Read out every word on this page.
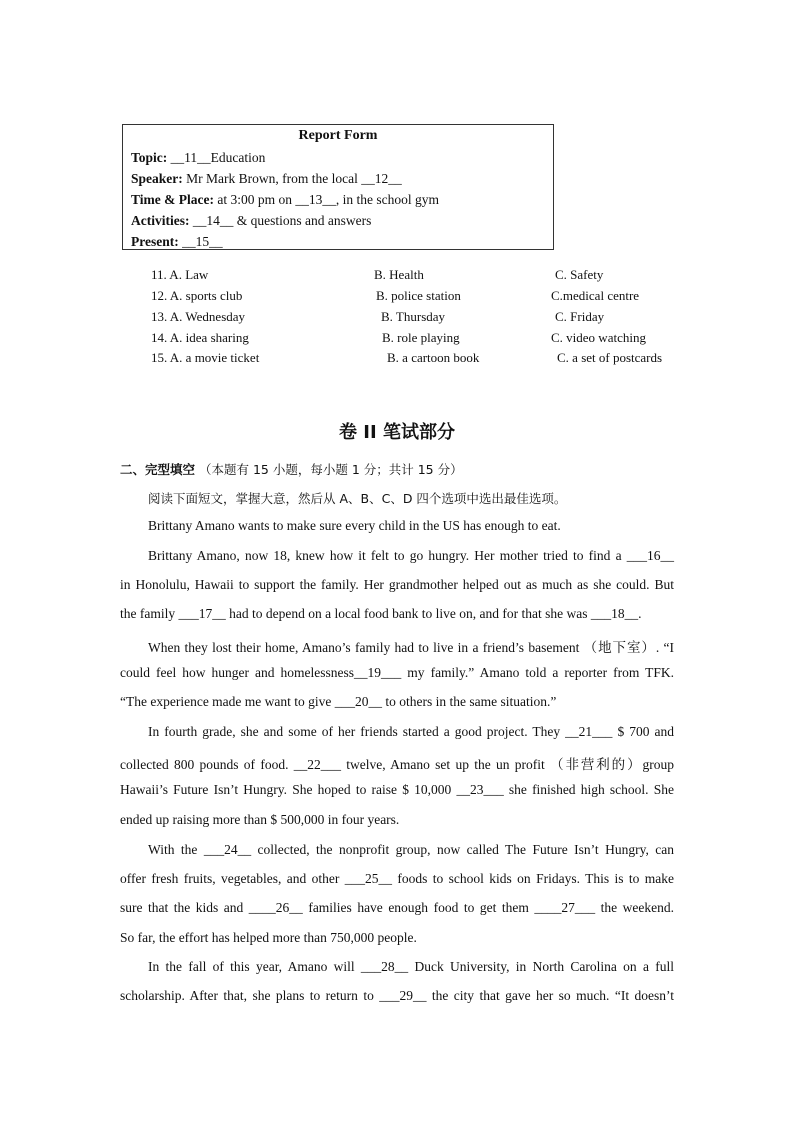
Report Form
Topic: __11__Education
Speaker: Mr Mark Brown, from the local __12__
Time & Place: at 3:00 pm on __13__, in the school gym
Activities: __14__ & questions and answers
Present: __15__
11. A. Law	B. Health	C. Safety
12. A. sports club	B. police station	C.medical centre
13. A. Wednesday	B. Thursday	C. Friday
14. A. idea sharing	B. role playing	C. video watching
15. A. a movie ticket	B. a cartoon book	C. a set of postcards
卷 II 笔试部分
二、完型填空 （本题有 15 小题，每小题 1 分；共计 15 分）
阅读下面短文，掌握大意，然后从 A、B、C、D 四个选项中选出最佳选项。
Brittany Amano wants to make sure every child in the US has enough to eat.
Brittany Amano, now 18, knew how it felt to go hungry. Her mother tried to find a ___16__
in Honolulu, Hawaii to support the family. Her grandmother helped out as much as she could. But
the family ___17__ had to depend on a local food bank to live on, and for that she was ___18__.
When they lost their home, Amano’s family had to live in a friend’s basement （地下室）. “I
could feel how hunger and homelessness__19___ my family.” Amano told a reporter from TFK.
“The experience made me want to give ___20__ to others in the same situation.”
In fourth grade, she and some of her friends started a good project. They __21___ $ 700 and
collected 800 pounds of food. __22___ twelve, Amano set up the un profit （非营利的）group
Hawaii’s Future Isn’t Hungry. She hoped to raise $ 10,000 __23___ she finished high school. She
ended up raising more than $ 500,000 in four years.
With the ___24__ collected, the nonprofit group, now called The Future Isn’t Hungry, can
offer fresh fruits, vegetables, and other ___25__ foods to school kids on Fridays. This is to make
sure that the kids and ____26__ families have enough food to get them ____27___ the weekend.
So far, the effort has helped more than 750,000 people.
In the fall of this year, Amano will ___28__ Duck University, in North Carolina on a full
scholarship. After that, she plans to return to ___29__ the city that gave her so much. “It doesn’t
